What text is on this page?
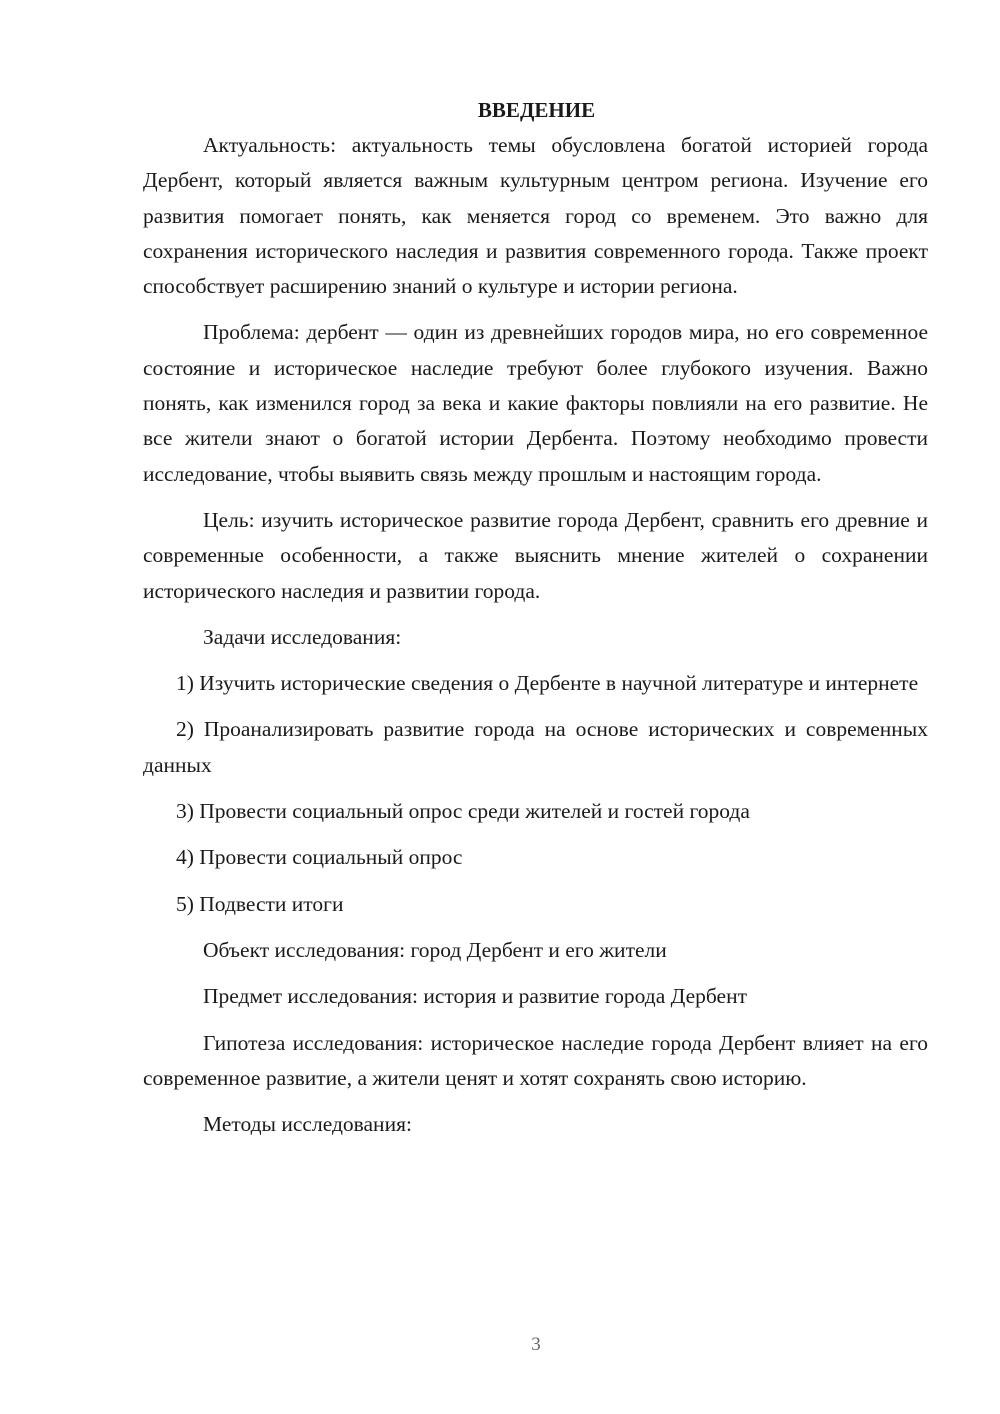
ВВЕДЕНИЕ

Актуальность: актуальность темы обусловлена богатой историей города Дербент, который является важным культурным центром региона. Изучение его развития помогает понять, как меняется город со временем. Это важно для сохранения исторического наследия и развития современного города. Также проект способствует расширению знаний о культуре и истории региона.

Проблема: дербент — один из древнейших городов мира, но его современное состояние и историческое наследие требуют более глубокого изучения. Важно понять, как изменился город за века и какие факторы повлияли на его развитие. Не все жители знают о богатой истории Дербента. Поэтому необходимо провести исследование, чтобы выявить связь между прошлым и настоящим города.

Цель: изучить историческое развитие города Дербент, сравнить его древние и современные особенности, а также выяснить мнение жителей о сохранении исторического наследия и развитии города.

Задачи исследования:

1) Изучить исторические сведения о Дербенте в научной литературе и интернете

2) Проанализировать развитие города на основе исторических и современных данных

3) Провести социальный опрос среди жителей и гостей города

4) Провести социальный опрос

5) Подвести итоги

Объект исследования: город Дербент и его жители

Предмет исследования: история и развитие города Дербент

Гипотеза исследования: историческое наследие города Дербент влияет на его современное развитие, а жители ценят и хотят сохранять свою историю.

Методы исследования:

3
